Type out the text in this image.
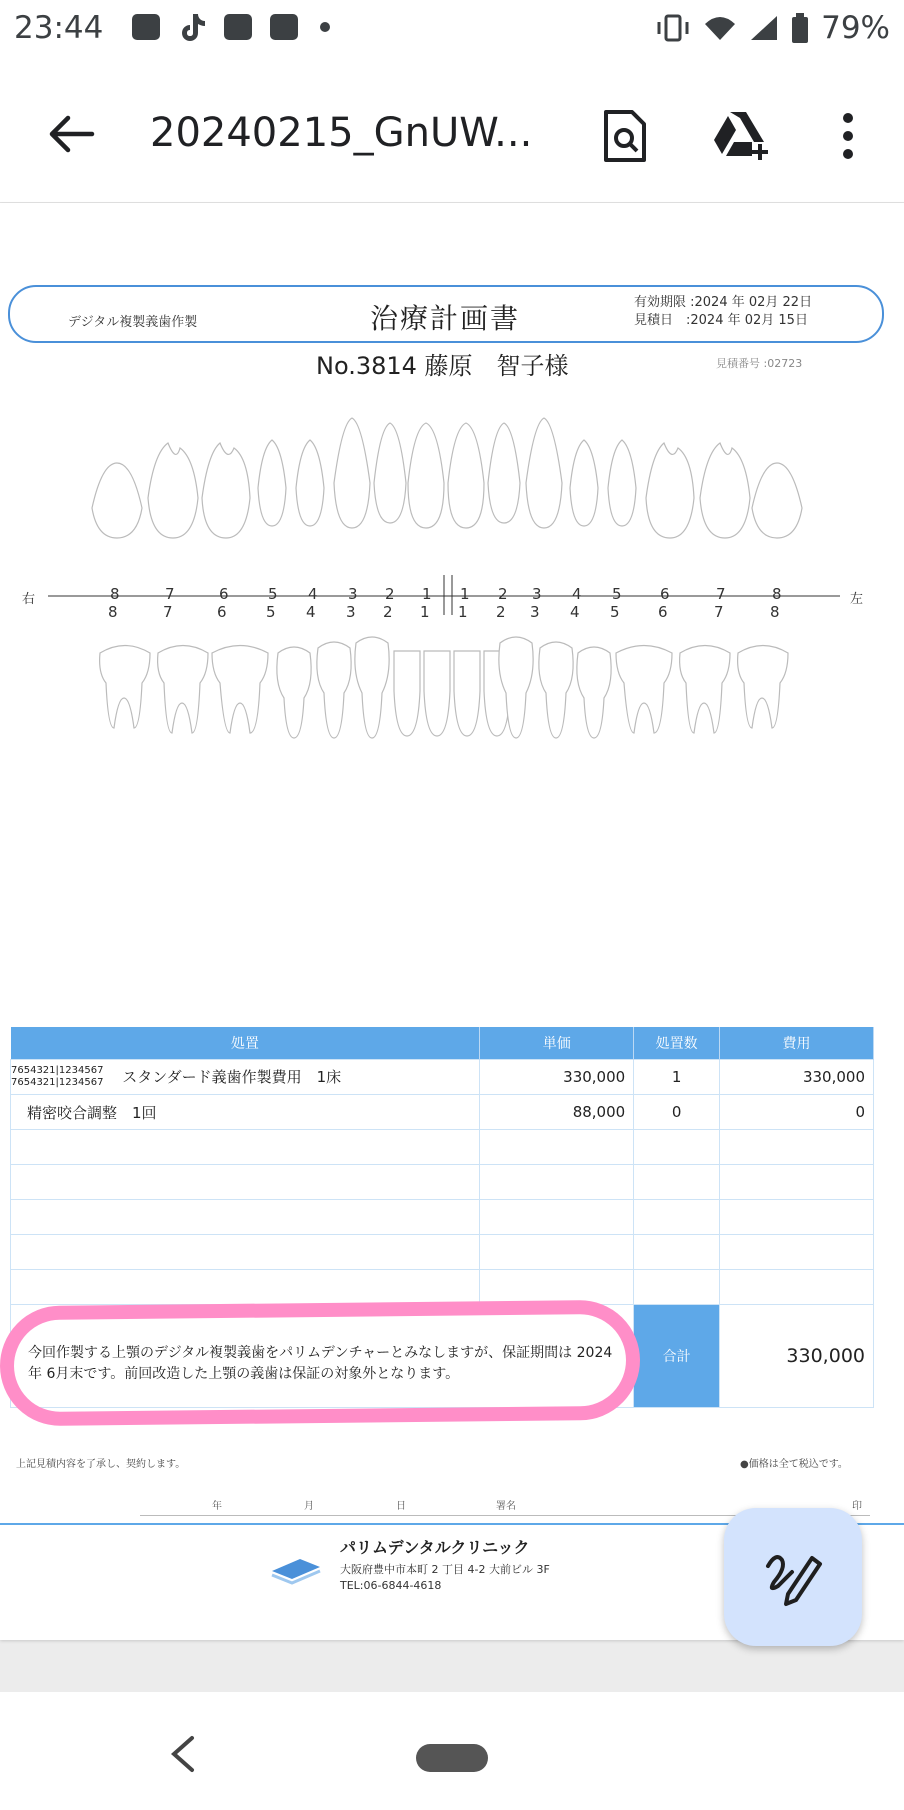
23:44	79%
20240215_GnUW...
デジタル複製義歯作製	治療計画書	有効期限 :2024 年 02月 22日
見積日　:2024 年 02月 15日
No.3814 藤原　智子様	見積番号 :02723
8	7	6	5 4 3 2 1 1 2 3 4 5	6	7	8
8	7	6	5 4 3 2 1 1 2 3 4 5	6	7	8
右	左
処置	単価	処置数	費用
7654321|1234567
7654321|1234567 スタンダード義歯作製費用　1床	330,000	1	330,000
精密咬合調整　1回	88,000	0	0

		合計	330,000
今回作製する上顎のデジタル複製義歯をパリムデンチャーとみなしますが、保証期間は 2024 年 6月末です。前回改造した上顎の義歯は保証の対象外となります。
上記見積内容を了承し、契約します。	●価格は全て税込です。
年	月	日	署名	印
パリムデンタルクリニック
大阪府豊中市本町 2 丁目 4-2 大前ビル 3F
TEL:06-6844-4618
